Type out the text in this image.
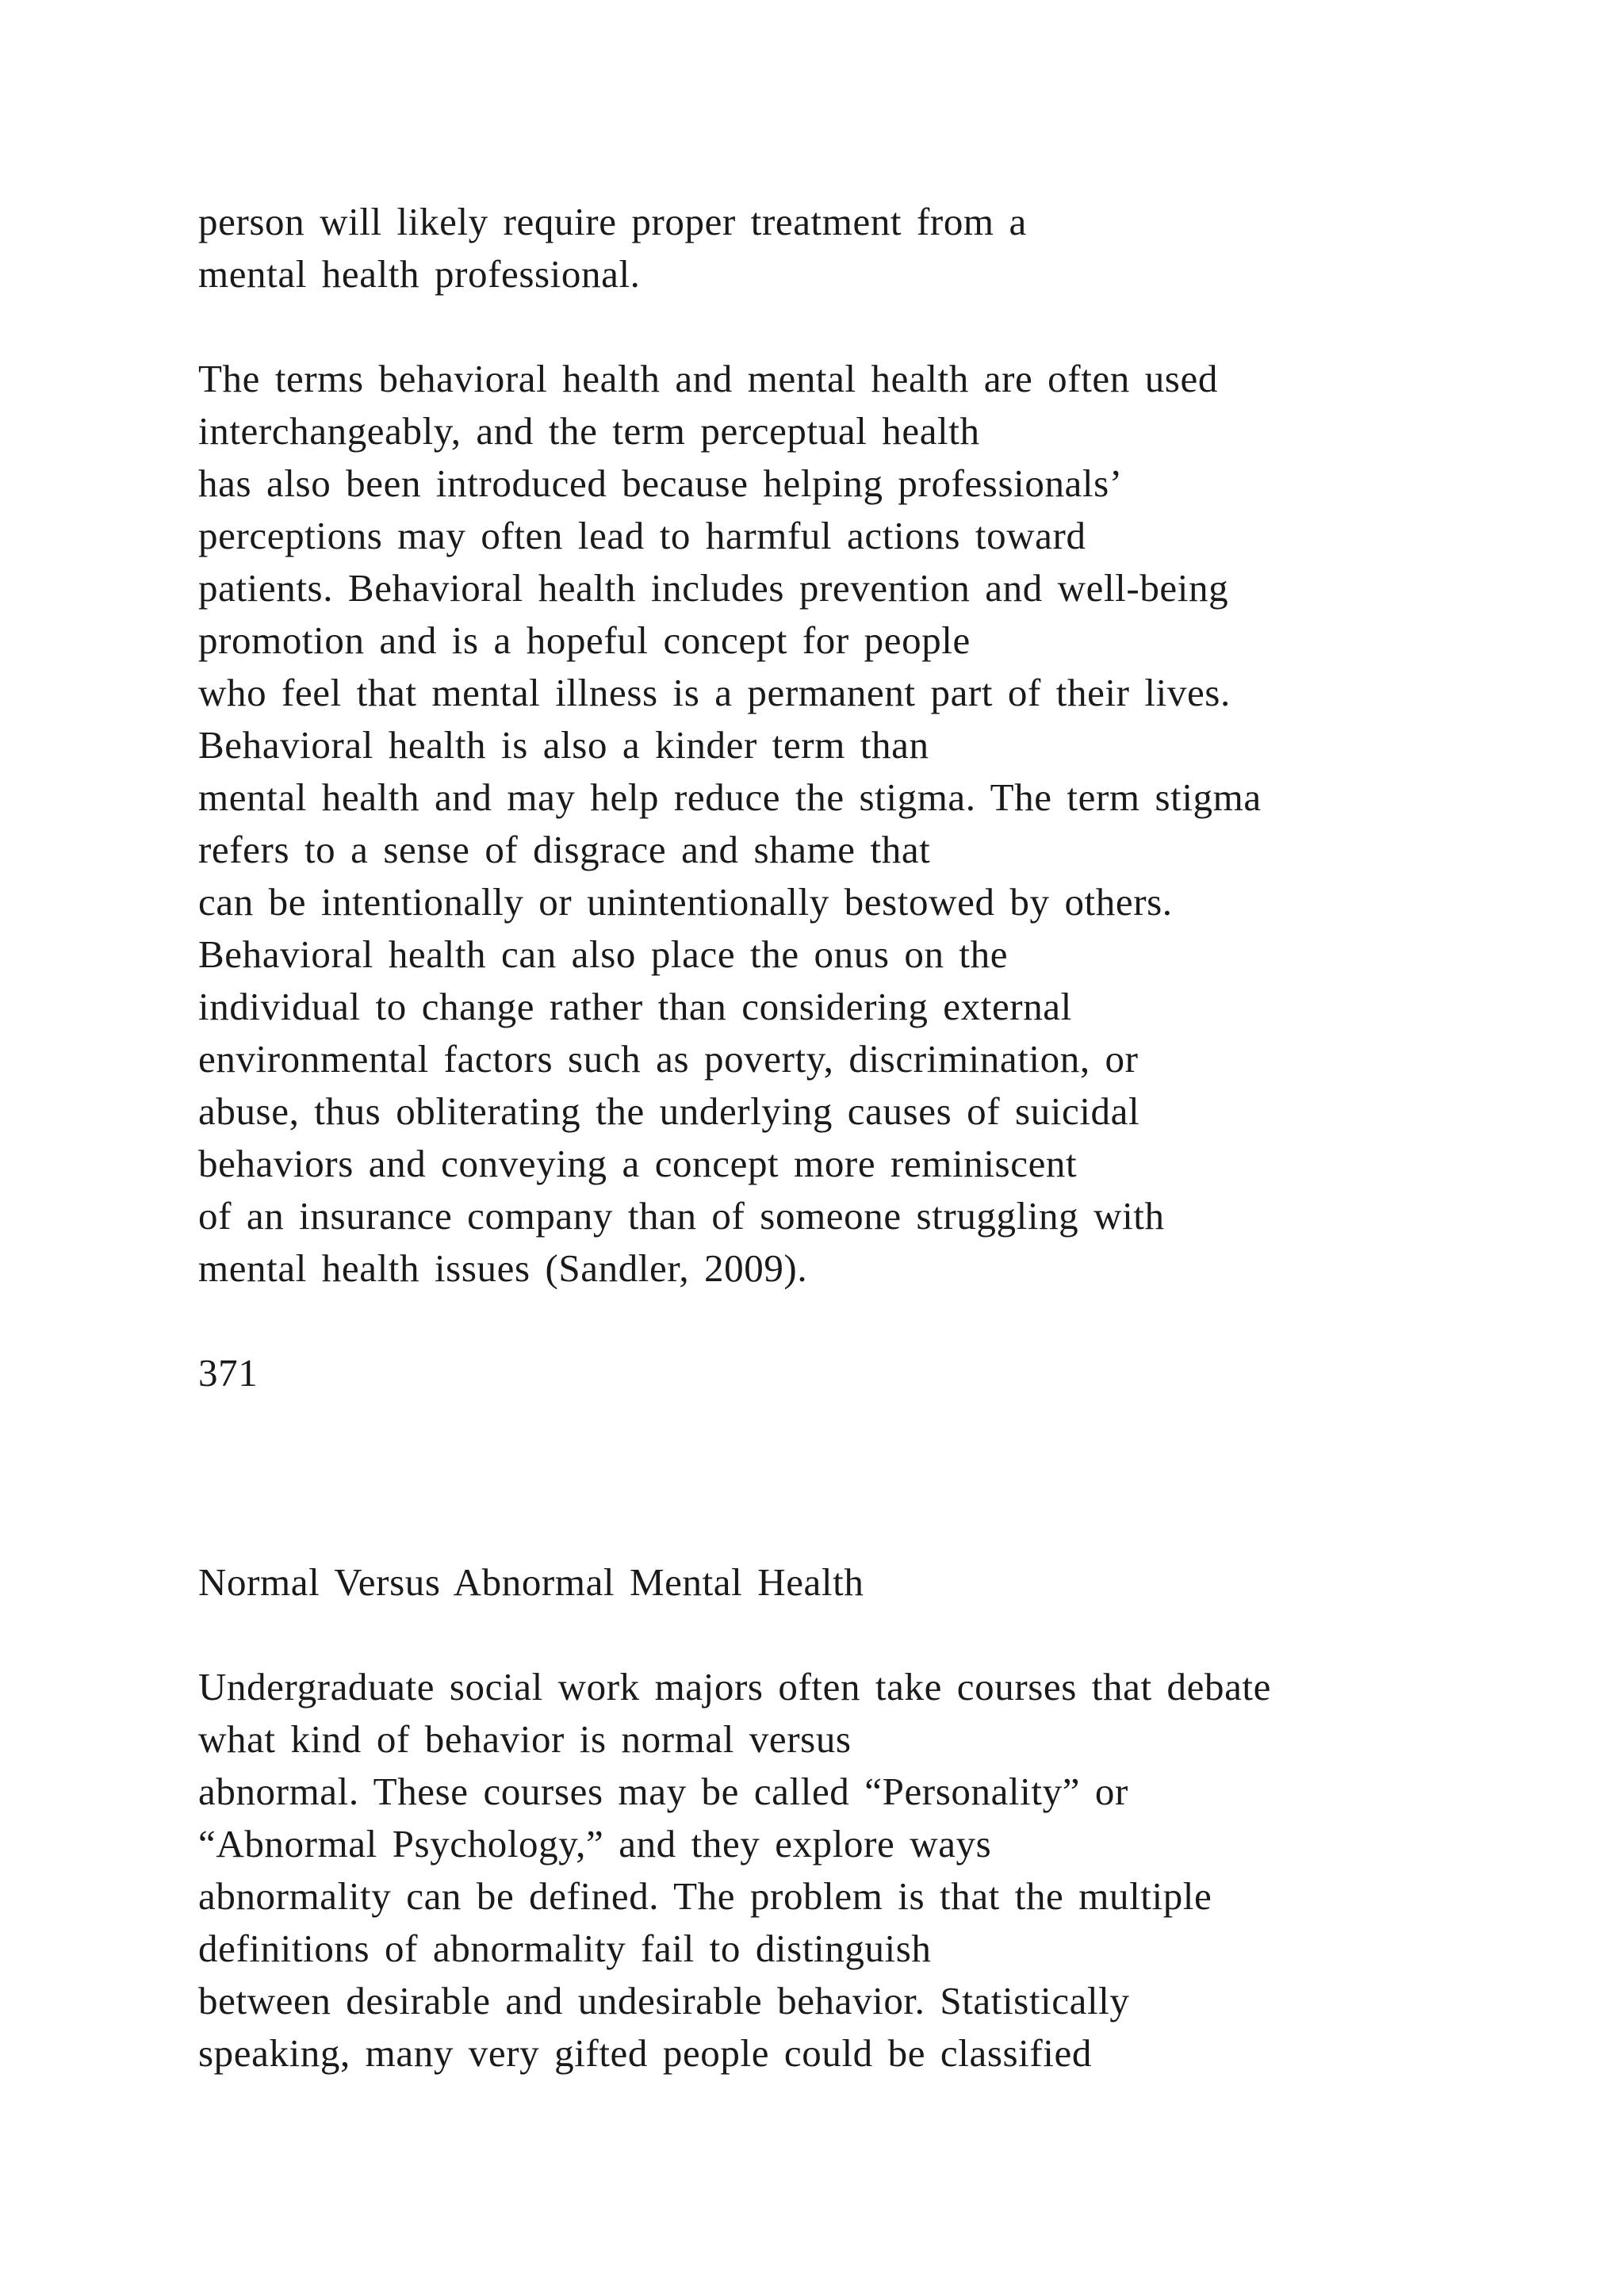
person will likely require proper treatment from a
mental health professional.
The terms behavioral health and mental health are often used
interchangeably, and the term perceptual health
has also been introduced because helping professionals’
perceptions may often lead to harmful actions toward
patients. Behavioral health includes prevention and well-being
promotion and is a hopeful concept for people
who feel that mental illness is a permanent part of their lives.
Behavioral health is also a kinder term than
mental health and may help reduce the stigma. The term stigma
refers to a sense of disgrace and shame that
can be intentionally or unintentionally bestowed by others.
Behavioral health can also place the onus on the
individual to change rather than considering external
environmental factors such as poverty, discrimination, or
abuse, thus obliterating the underlying causes of suicidal
behaviors and conveying a concept more reminiscent
of an insurance company than of someone struggling with
mental health issues (Sandler, 2009).
371
Normal Versus Abnormal Mental Health
Undergraduate social work majors often take courses that debate
what kind of behavior is normal versus
abnormal. These courses may be called “Personality” or
“Abnormal Psychology,” and they explore ways
abnormality can be defined. The problem is that the multiple
definitions of abnormality fail to distinguish
between desirable and undesirable behavior. Statistically
speaking, many very gifted people could be classified
